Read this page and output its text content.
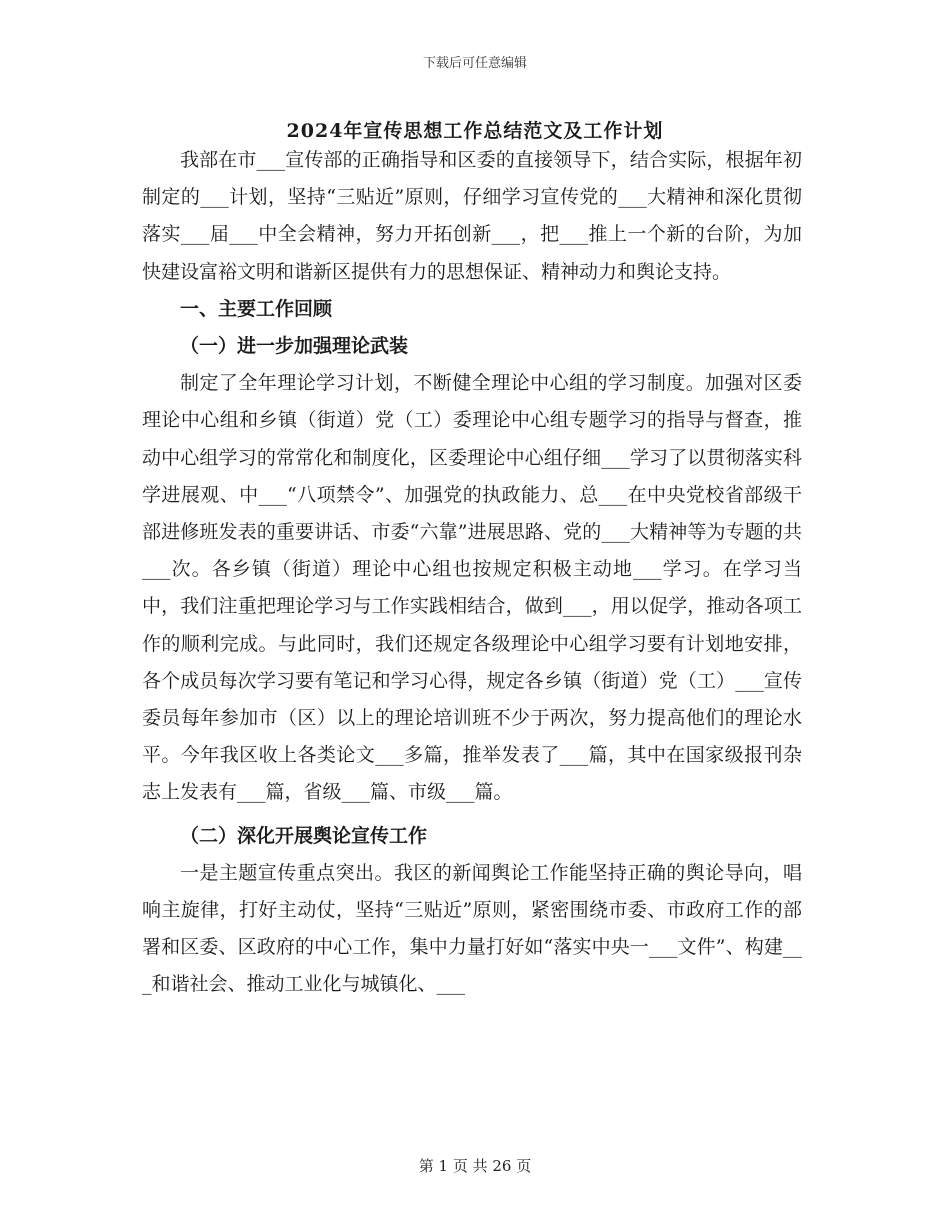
下载后可任意编辑
2024年宣传思想工作总结范文及工作计划

我部在市___宣传部的正确指导和区委的直接领导下，结合实际，根据年初制定的___计划，坚持“三贴近”原则，仔细学习宣传党的___大精神和深化贯彻落实___届___中全会精神，努力开拓创新___，把___推上一个新的台阶，为加快建设富裕文明和谐新区提供有力的思想保证、精神动力和舆论支持。

一、主要工作回顾

（一）进一步加强理论武装

制定了全年理论学习计划，不断健全理论中心组的学习制度。加强对区委理论中心组和乡镇（街道）党（工）委理论中心组专题学习的指导与督查，推动中心组学习的常常化和制度化，区委理论中心组仔细___学习了以贯彻落实科学进展观、中___“八项禁令”、加强党的执政能力、总___在中央党校省部级干部进修班发表的重要讲话、市委“六靠”进展思路、党的___大精神等为专题的共___次。各乡镇（街道）理论中心组也按规定积极主动地___学习。在学习当中，我们注重把理论学习与工作实践相结合，做到___，用以促学，推动各项工作的顺利完成。与此同时，我们还规定各级理论中心组学习要有计划地安排，各个成员每次学习要有笔记和学习心得，规定各乡镇（街道）党（工）___宣传委员每年参加市（区）以上的理论培训班不少于两次，努力提高他们的理论水平。今年我区收上各类论文___多篇，推举发表了___篇，其中在国家级报刊杂志上发表有___篇，省级___篇、市级___篇。

（二）深化开展舆论宣传工作

一是主题宣传重点突出。我区的新闻舆论工作能坚持正确的舆论导向，唱响主旋律，打好主动仗，坚持“三贴近”原则，紧密围绕市委、市政府工作的部署和区委、区政府的中心工作，集中力量打好如“落实中央一___文件”、构建___和谐社会、推动工业化与城镇化、___

第 1 页 共 26 页
